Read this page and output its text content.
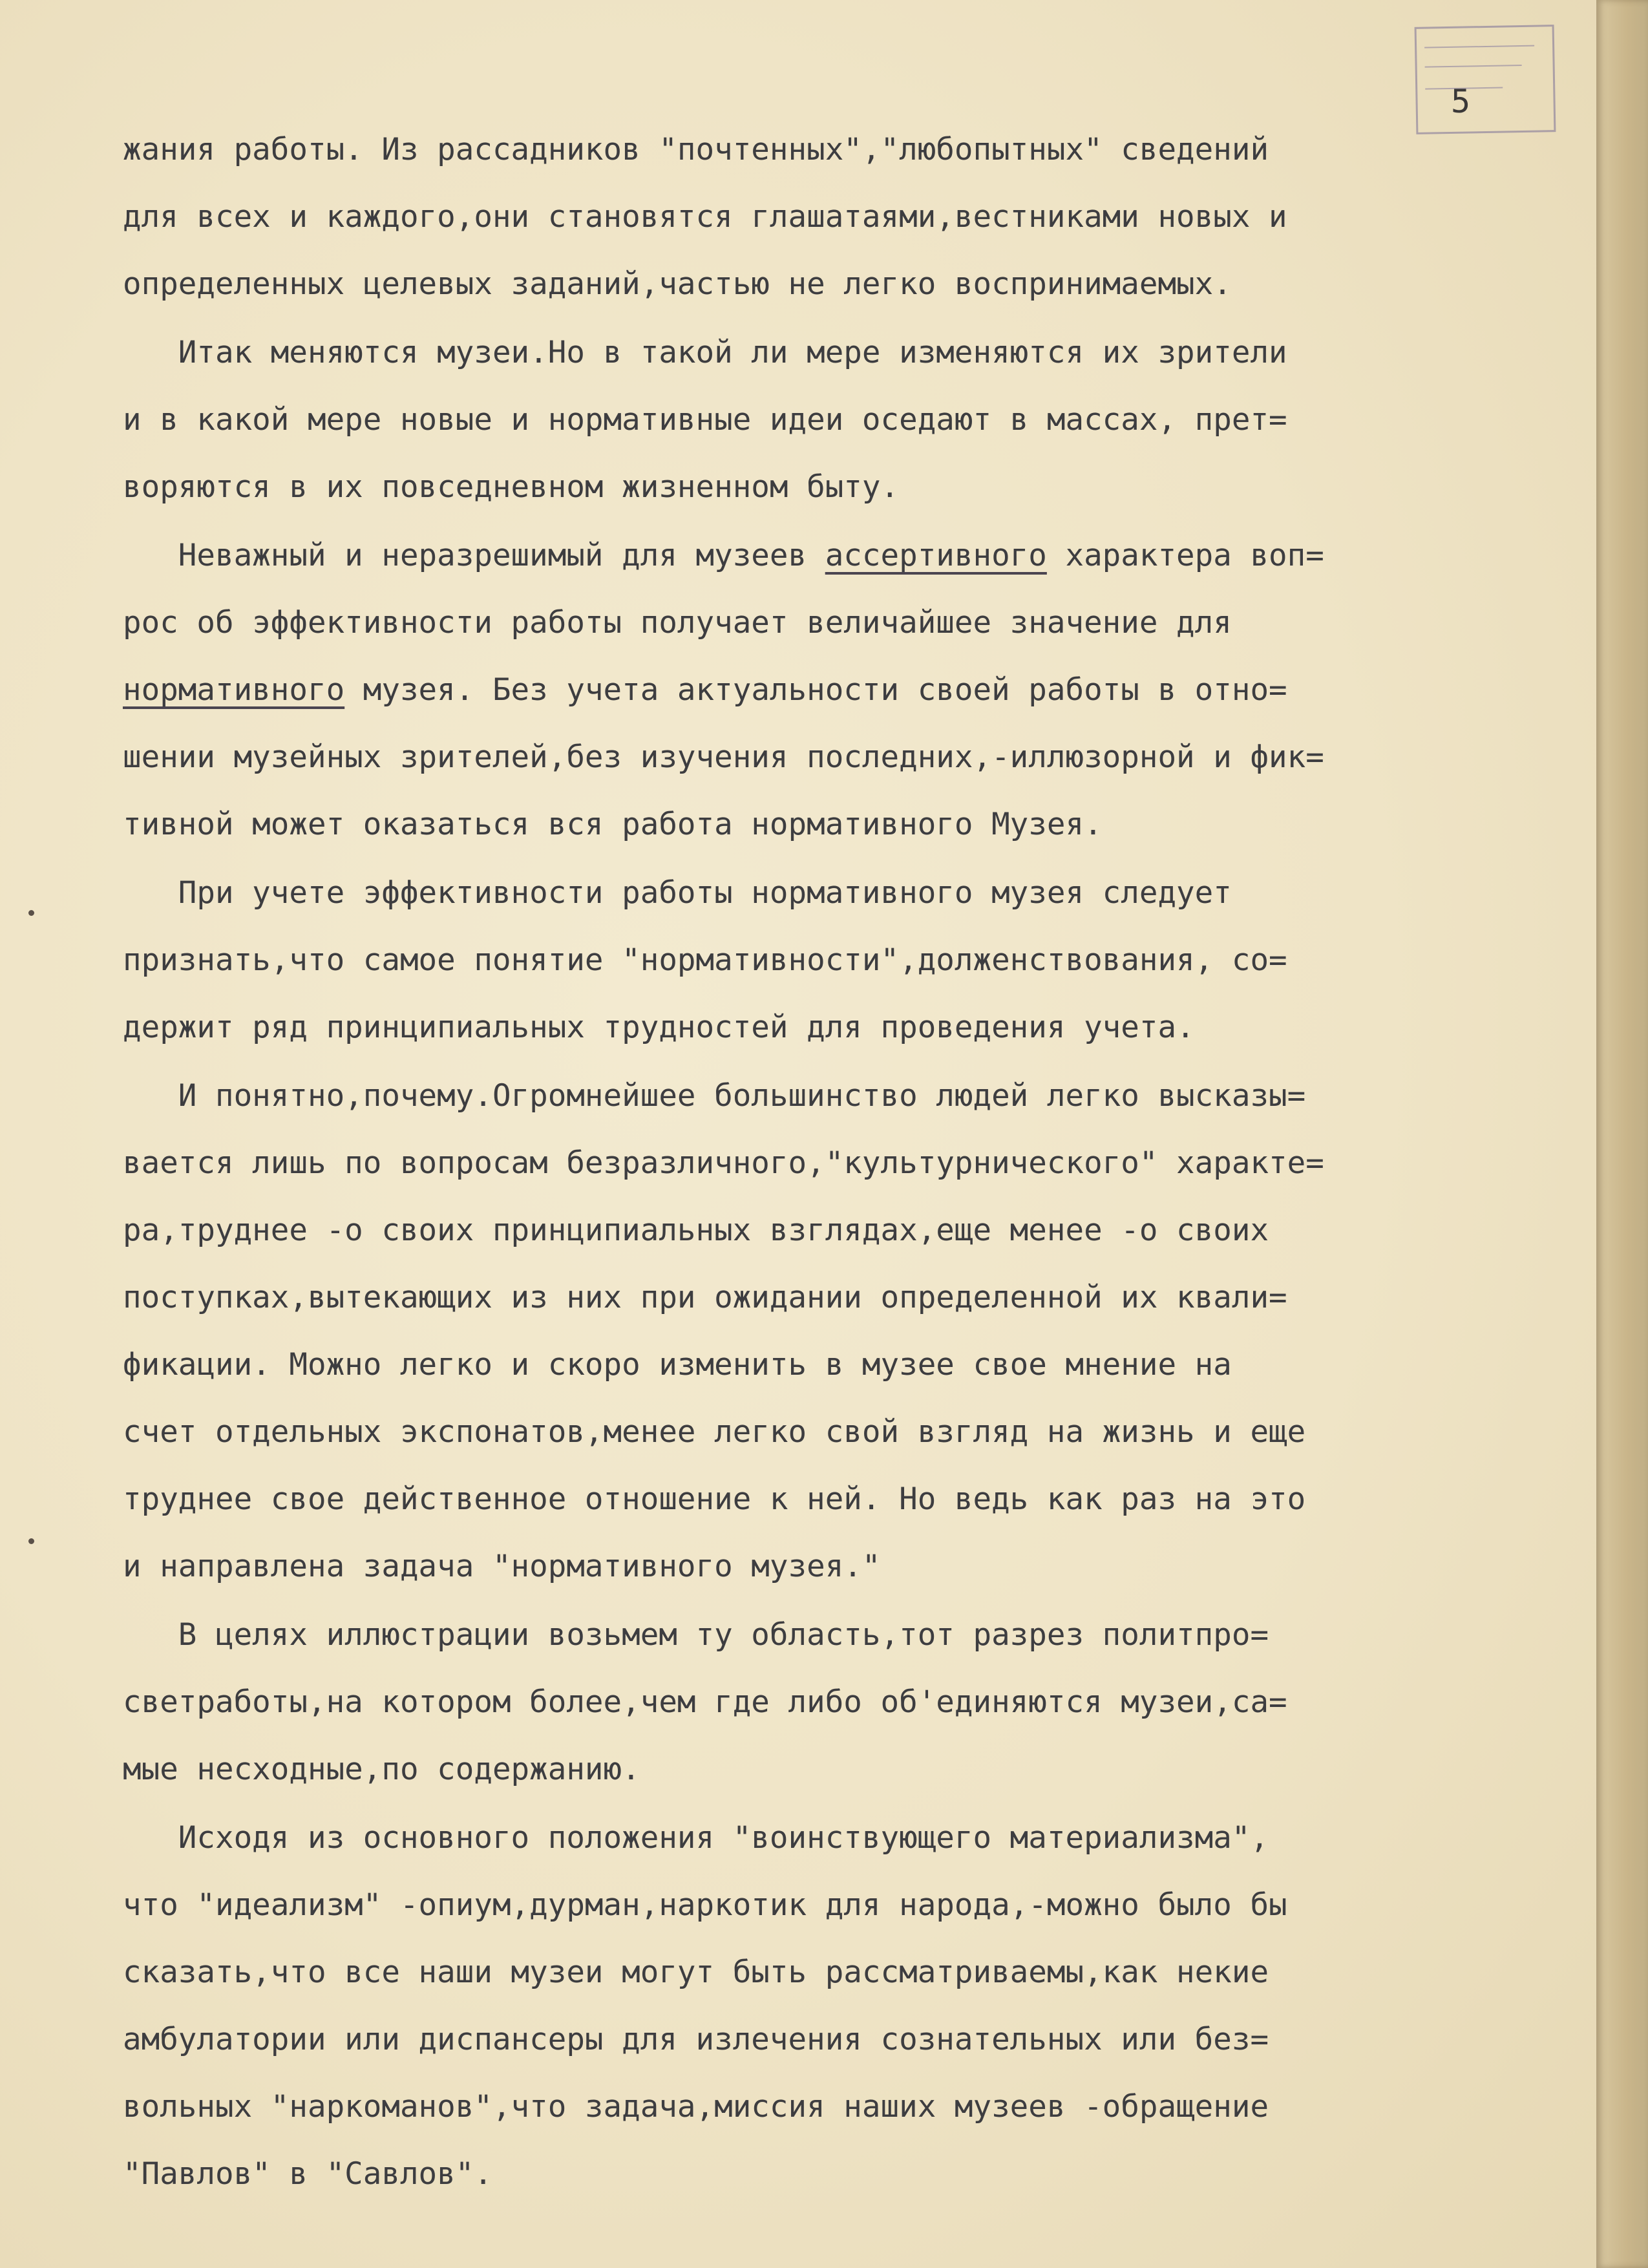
5
жания работы. Из рассадников "почтенных","любопытных" сведений
для всех и каждого,они становятся глашатаями,вестниками новых и
определенных целевых заданий,частью не легко воспринимаемых.
Итак меняются музеи.Но в такой ли мере изменяются их зрители
и в какой мере новые и нормативные идеи оседают в массах, прет=
воряются в их повседневном жизненном быту.
Неважный и неразрешимый для музеев ассертивного характера воп=
рос об эффективности работы получает величайшее значение для
нормативного музея. Без учета актуальности своей работы в отно=
шении музейных зрителей,без изучения последних,-иллюзорной и фик=
тивной может оказаться вся работа нормативного Музея.
При учете эффективности работы нормативного музея следует
признать,что самое понятие "нормативности",долженствования, со=
держит ряд принципиальных трудностей для проведения учета.
И понятно,почему.Огромнейшее большинство людей легко высказы=
вается лишь по вопросам безразличного,"культурнического" характе=
ра,труднее -о своих принципиальных взглядах,еще менее -о своих
поступках,вытекающих из них при ожидании определенной их квали=
фикации. Можно легко и скоро изменить в музее свое мнение на
счет отдельных экспонатов,менее легко свой взгляд на жизнь и еще
труднее свое действенное отношение к ней. Но ведь как раз на это
и направлена задача "нормативного музея."
В целях иллюстрации возьмем ту область,тот разрез политпро=
светработы,на котором более,чем где либо об'единяются музеи,са=
мые несходные,по содержанию.
Исходя из основного положения "воинствующего материализма",
что "идеализм" -опиум,дурман,наркотик для народа,-можно было бы
сказать,что все наши музеи могут быть рассматриваемы,как некие
амбулатории или диспансеры для излечения сознательных или без=
вольных "наркоманов",что задача,миссия наших музеев -обращение
"Павлов" в "Савлов".
